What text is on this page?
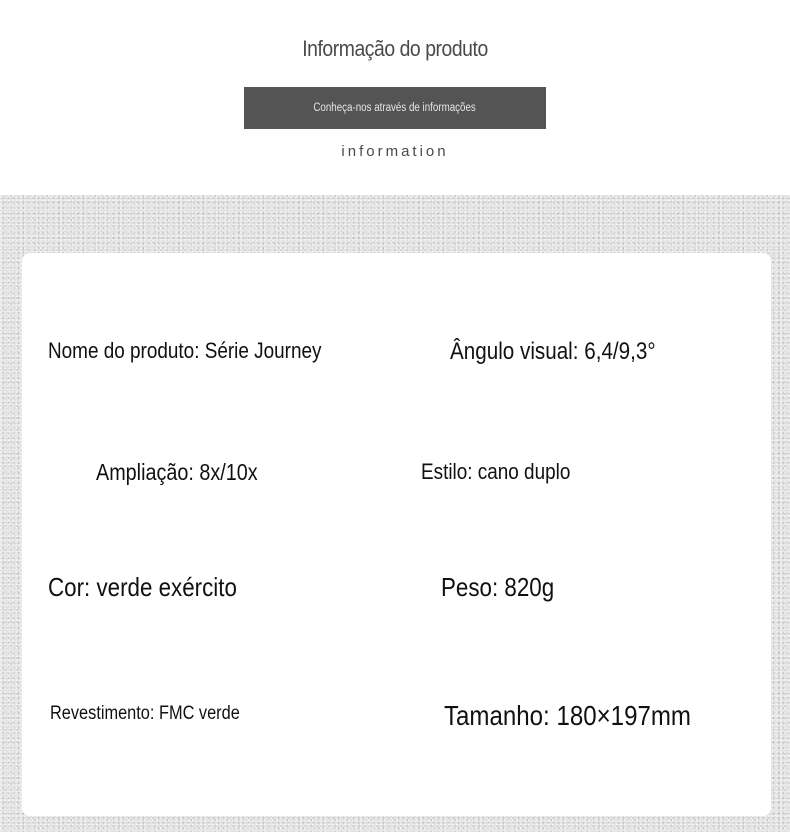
Informação do produto
Conheça-nos através de informações
information
Nome do produto: Série Journey	Ângulo visual: 6,4/9,3°
Ampliação: 8x/10x	Estilo: cano duplo
Cor: verde exército	Peso: 820g
Revestimento: FMC verde	Tamanho: 180×197mm
